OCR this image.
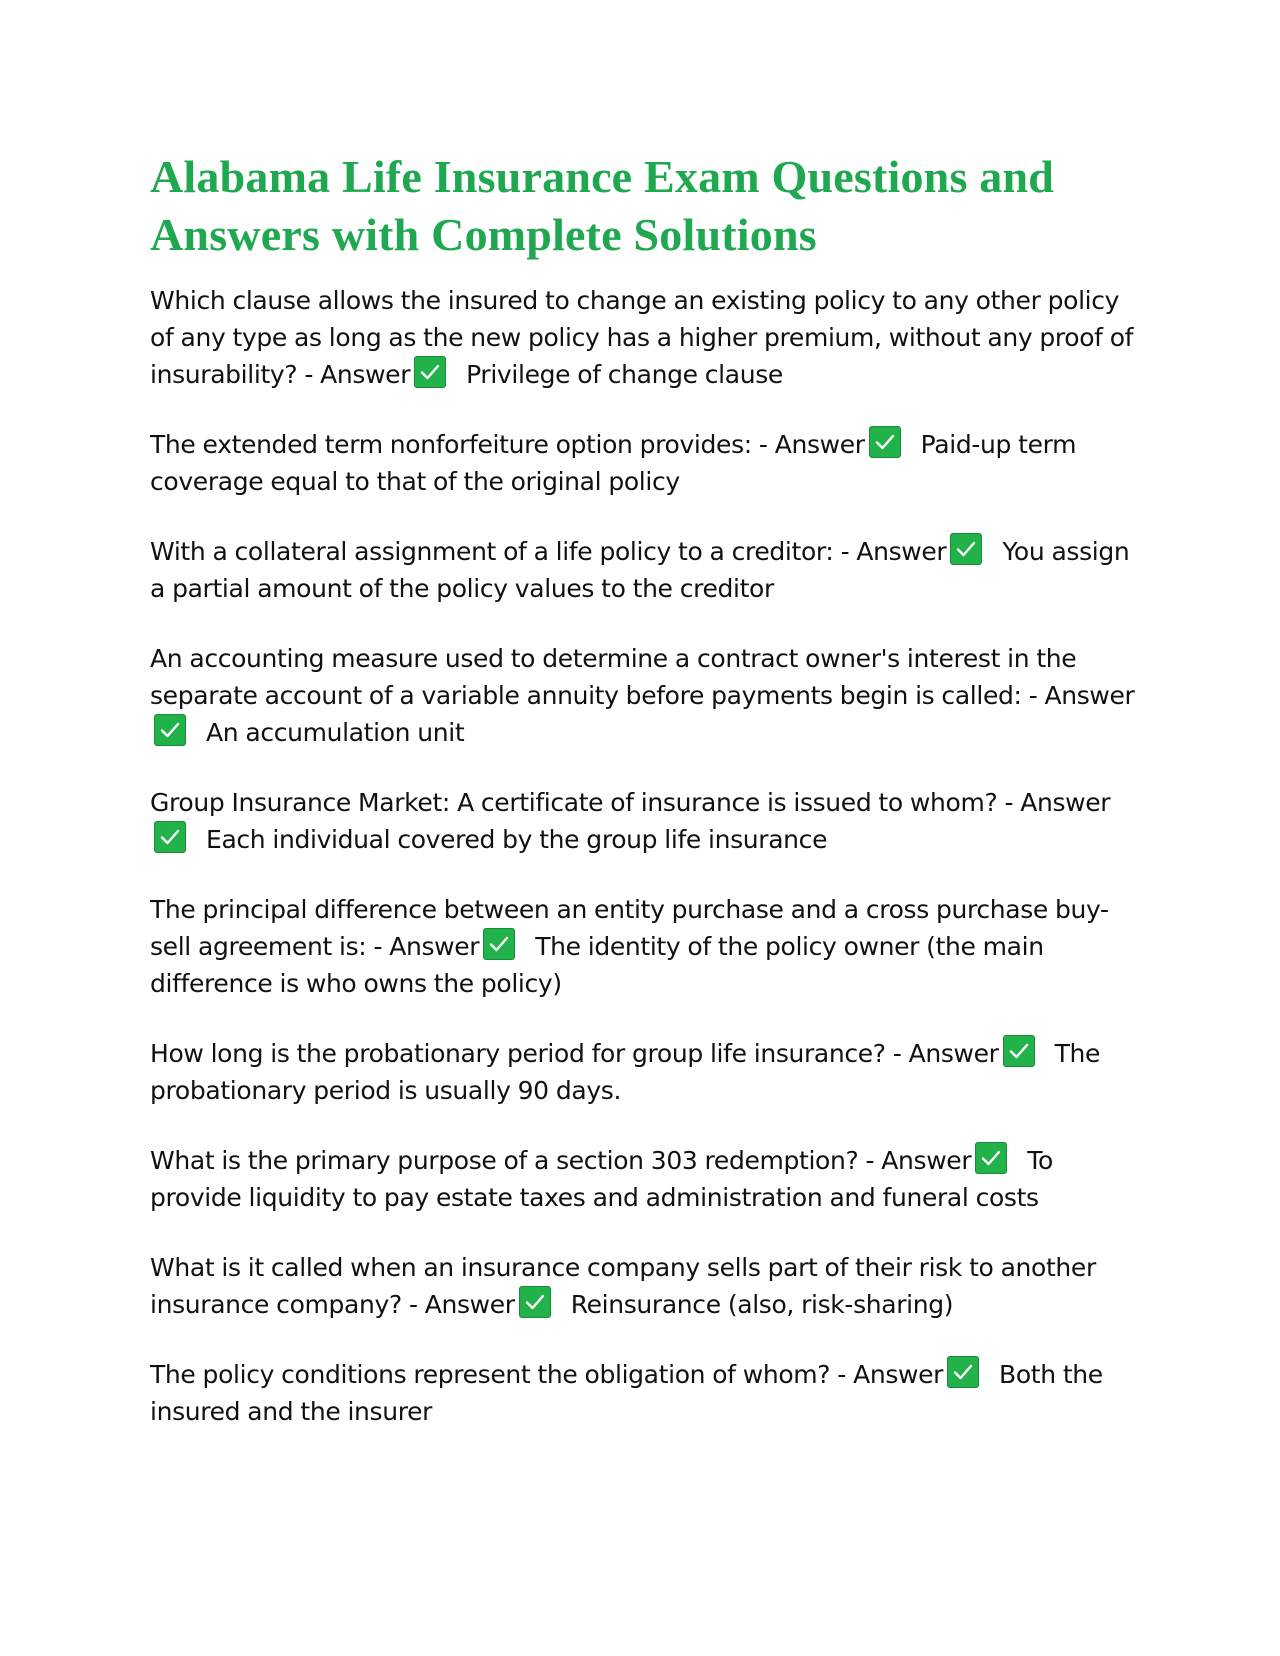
Alabama Life Insurance Exam Questions and Answers with Complete Solutions

Which clause allows the insured to change an existing policy to any other policy of any type as long as the new policy has a higher premium, without any proof of insurability? - Answer Privilege of change clause

The extended term nonforfeiture option provides: - Answer Paid-up term coverage equal to that of the original policy

With a collateral assignment of a life policy to a creditor: - Answer You assign a partial amount of the policy values to the creditor

An accounting measure used to determine a contract owner's interest in the separate account of a variable annuity before payments begin is called: - Answer
An accumulation unit

Group Insurance Market: A certificate of insurance is issued to whom? - Answer
Each individual covered by the group life insurance

The principal difference between an entity purchase and a cross purchase buy-sell agreement is: - Answer The identity of the policy owner (the main difference is who owns the policy)

How long is the probationary period for group life insurance? - Answer The probationary period is usually 90 days.

What is the primary purpose of a section 303 redemption? - Answer To provide liquidity to pay estate taxes and administration and funeral costs

What is it called when an insurance company sells part of their risk to another insurance company? - Answer Reinsurance (also, risk-sharing)

The policy conditions represent the obligation of whom? - Answer Both the insured and the insurer
